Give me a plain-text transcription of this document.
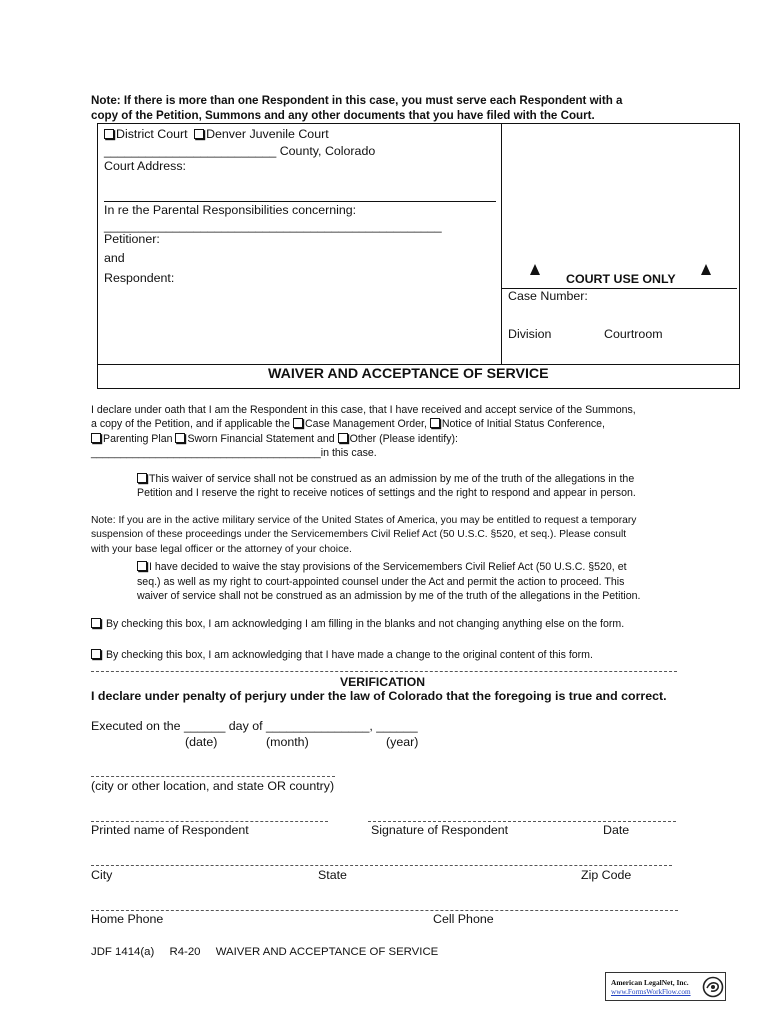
Note: If there is more than one Respondent in this case, you must serve each Respondent with a
copy of the Petition, Summons and any other documents that you have filed with the Court.
District Court Denver Juvenile Court
_________________________ County, Colorado
Court Address:
In re the Parental Responsibilities concerning:
_________________________________________________
Petitioner:
and
Respondent:	COURT USE ONLY
Case Number:
Division	Courtroom
WAIVER AND ACCEPTANCE OF SERVICE
I declare under oath that I am the Respondent in this case, that I have received and accept service of the Summons,
a copy of the Petition, and if applicable the Case Management Order, Notice of Initial Status Conference,
Parenting Plan Sworn Financial Statement and Other (Please identify):
_______________________________________in this case.
This waiver of service shall not be construed as an admission by me of the truth of the allegations in the
Petition and I reserve the right to receive notices of settings and the right to respond and appear in person.
Note: If you are in the active military service of the United States of America, you may be entitled to request a temporary
suspension of these proceedings under the Servicemembers Civil Relief Act (50 U.S.C. §520, et seq.). Please consult
with your base legal officer or the attorney of your choice.
I have decided to waive the stay provisions of the Servicemembers Civil Relief Act (50 U.S.C. §520, et
seq.) as well as my right to court-appointed counsel under the Act and permit the action to proceed. This
waiver of service shall not be construed as an admission by me of the truth of the allegations in the Petition.
By checking this box, I am acknowledging I am filling in the blanks and not changing anything else on the form.
By checking this box, I am acknowledging that I have made a change to the original content of this form.
VERIFICATION
I declare under penalty of perjury under the law of Colorado that the foregoing is true and correct.
Executed on the ______ day of _______________, ______
(date)	(month)	(year)
(city or other location, and state OR country)
Printed name of Respondent	Signature of Respondent	Date
City	State	Zip Code
Home Phone	Cell Phone
JDF 1414(a) R4-20 WAIVER AND ACCEPTANCE OF SERVICE
American LegalNet, Inc.
www.FormsWorkFlow.com
